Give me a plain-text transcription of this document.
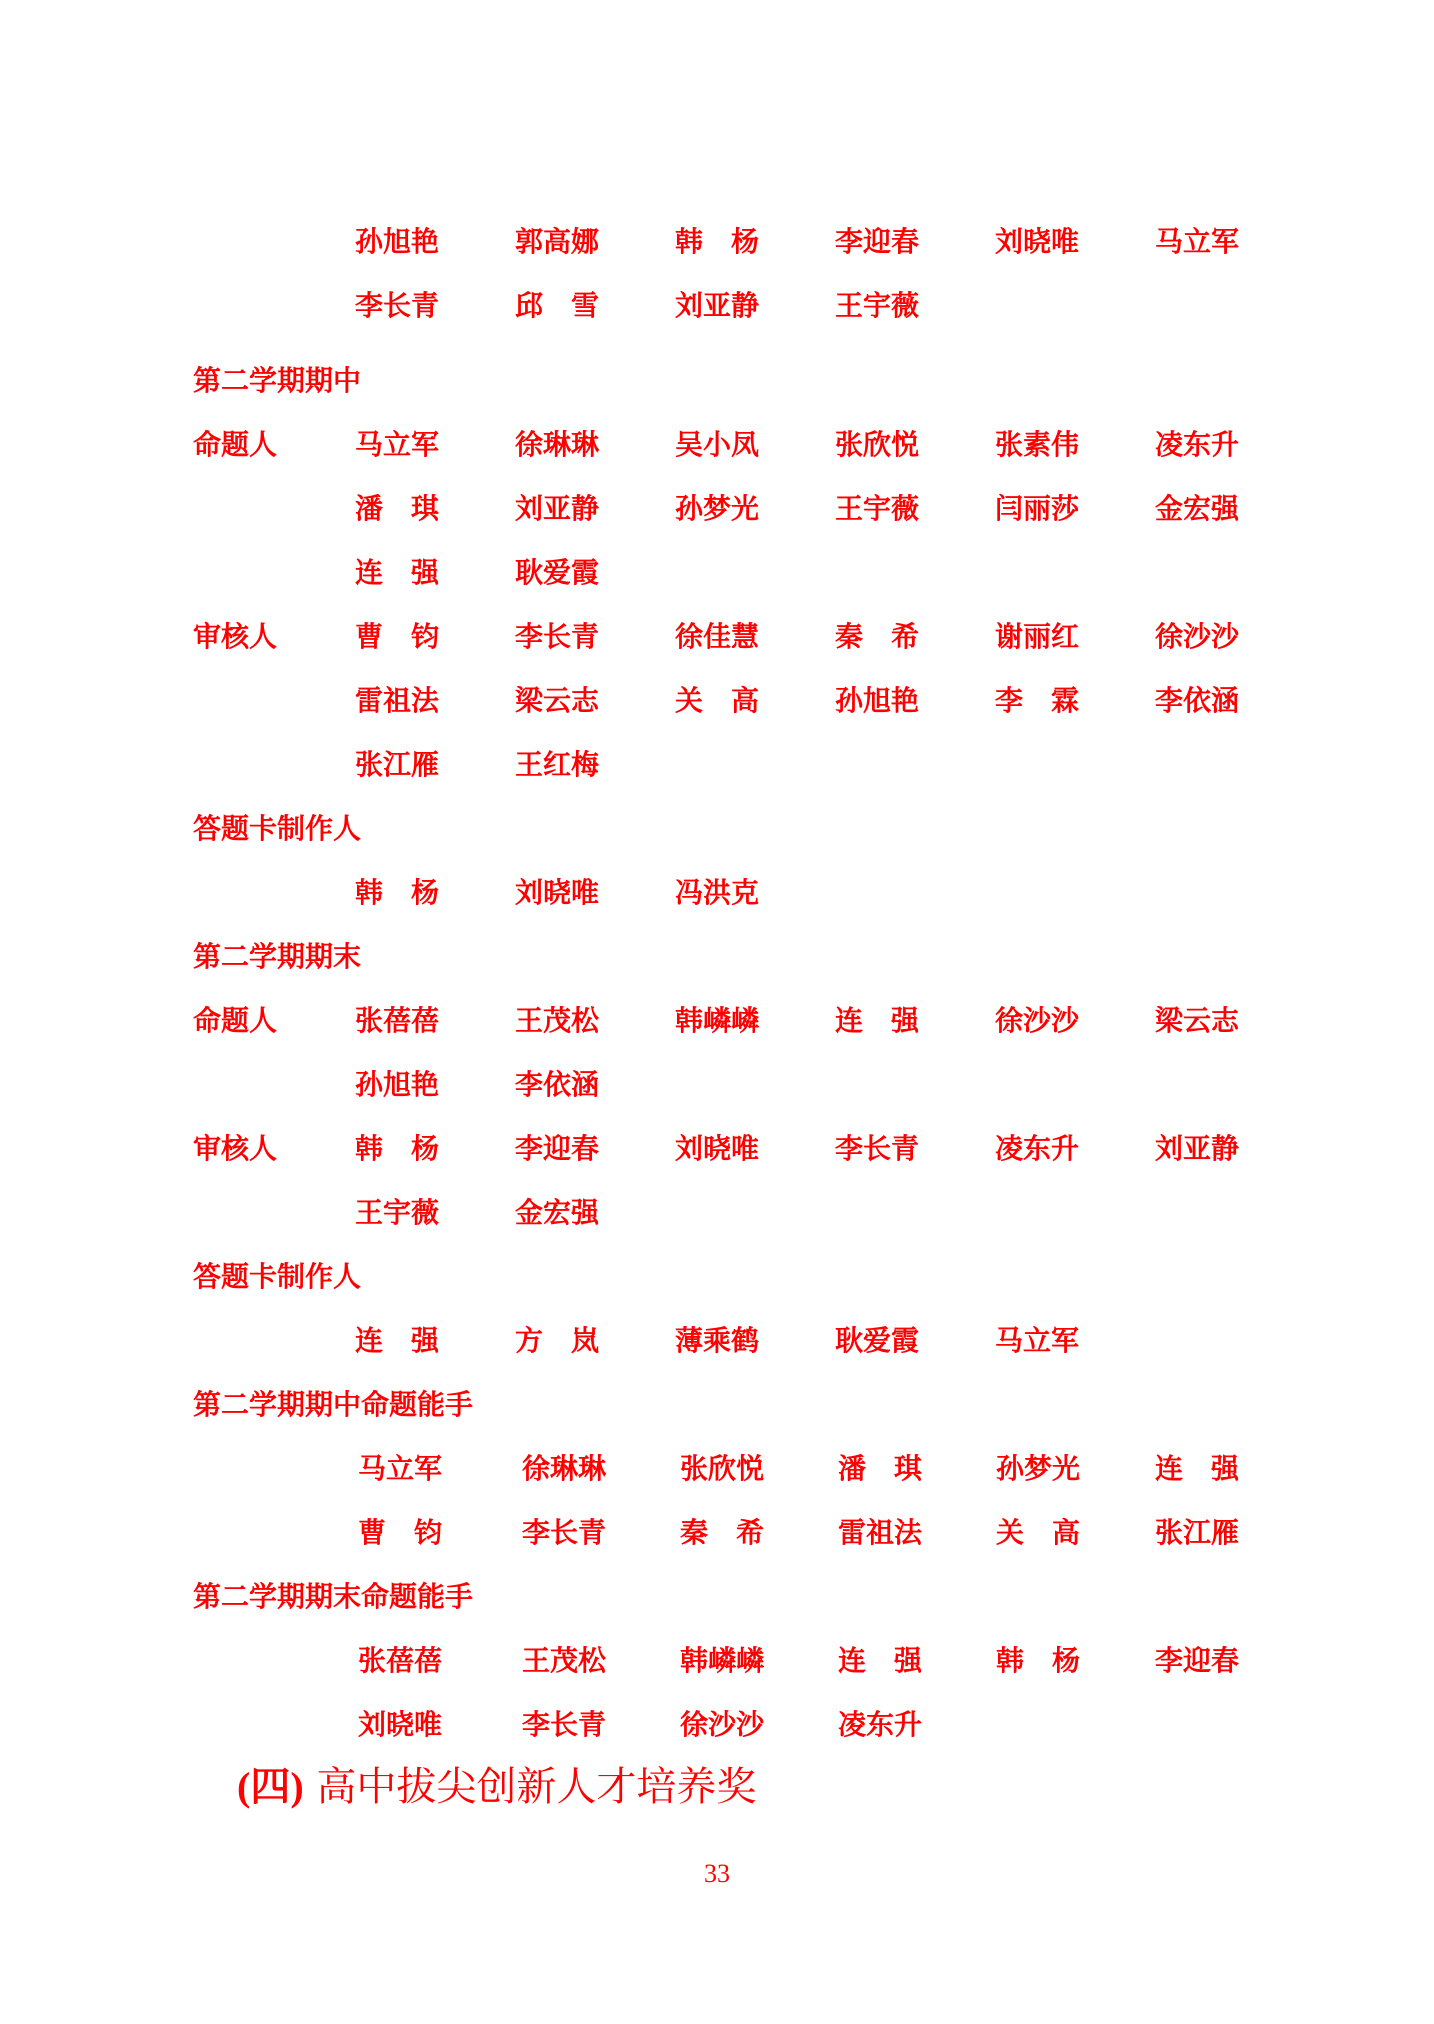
孙旭艳	郭高娜	韩　杨	李迎春	刘晓唯	马立军
李长青	邱　雪	刘亚静	王宇薇
第二学期期中
命题人	马立军	徐琳琳	吴小凤	张欣悦	张素伟	凌东升
潘　琪	刘亚静	孙梦光	王宇薇	闫丽莎	金宏强
连　强	耿爱霞
审核人	曹　钧	李长青	徐佳慧	秦　希	谢丽红	徐沙沙
雷祖法	梁云志	关　高	孙旭艳	李　霖	李依涵
张江雁	王红梅
答题卡制作人
韩　杨	刘晓唯	冯洪克
第二学期期末
命题人	张蓓蓓	王茂松	韩嶙嶙	连　强	徐沙沙	梁云志
孙旭艳	李依涵
审核人	韩　杨	李迎春	刘晓唯	李长青	凌东升	刘亚静
王宇薇	金宏强
答题卡制作人
连　强	方　岚	薄乘鹤	耿爱霞	马立军
第二学期期中命题能手
马立军	徐琳琳	张欣悦	潘　琪	孙梦光	连　强
曹　钧	李长青	秦　希	雷祖法	关　高	张江雁
第二学期期末命题能手
张蓓蓓	王茂松	韩嶙嶙	连　强	韩　杨	李迎春
刘晓唯	李长青	徐沙沙	凌东升
(四) 高中拔尖创新人才培养奖
33
